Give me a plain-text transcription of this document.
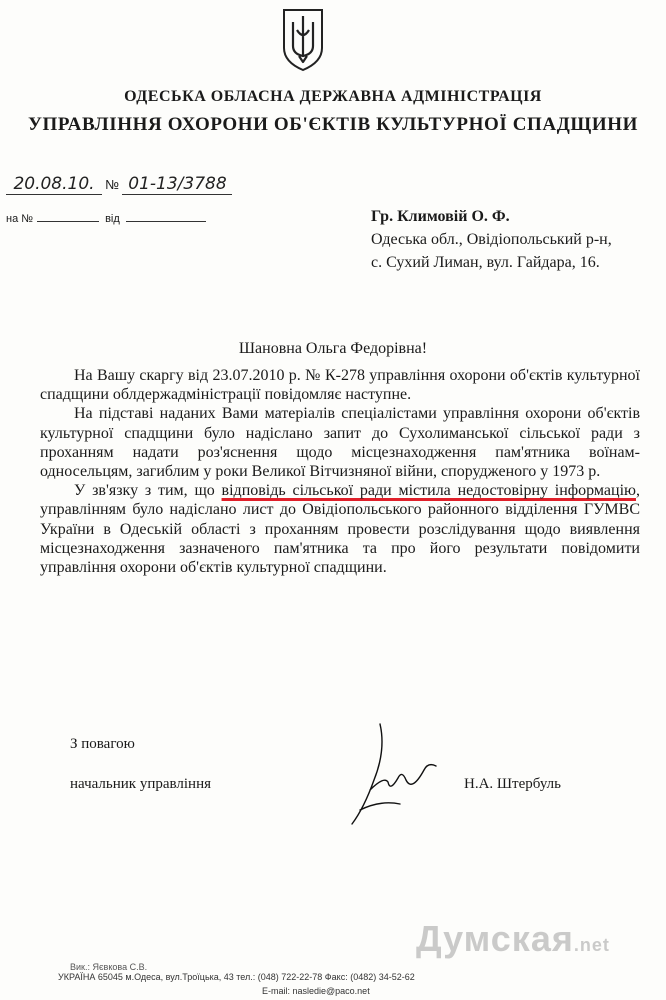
ОДЕСЬКА ОБЛАСНА ДЕРЖАВНА АДМІНІСТРАЦІЯ
УПРАВЛІННЯ ОХОРОНИ ОБ'ЄКТІВ КУЛЬТУРНОЇ СПАДЩИНИ
20.08.10. № 01-13/3788
на №	від	Гр. Климовій О. Ф.
Одеська обл., Овідіопольський р-н,
с. Сухий Лиман, вул. Гайдара, 16.
Шановна Ольга Федорівна!

На Вашу скаргу від 23.07.2010 р. № К-278 управління охорони об'єктів культурної спадщини облдержадміністрації повідомляє наступне.

На підставі наданих Вами матеріалів спеціалістами управління охорони об'єктів культурної спадщини було надіслано запит до Сухолиманської сільської ради з проханням надати роз'яснення щодо місцезнаходження пам'ятника воїнам-односельцям, загиблим у роки Великої Вітчизняної війни, спорудженого у 1973 р.

У зв'язку з тим, що відповідь сільської ради містила недостовірну інформацію, управлінням було надіслано лист до Овідіопольського районного відділення ГУМВС України в Одеській області з проханням провести розслідування щодо виявлення місцезнаходження зазначеного пам'ятника та про його результати повідомити управління охорони об'єктів культурної спадщини.

З повагою
начальник управління	Н.А. Штербуль
Вик.: Яєвкова С.В.
УКРАЇНА 65045 м.Одеса, вул.Троїцька, 43 тел.: (048) 722-22-78 Факс: (0482) 34-52-62
E-mail: nasledie@paco.net
Думская.net
